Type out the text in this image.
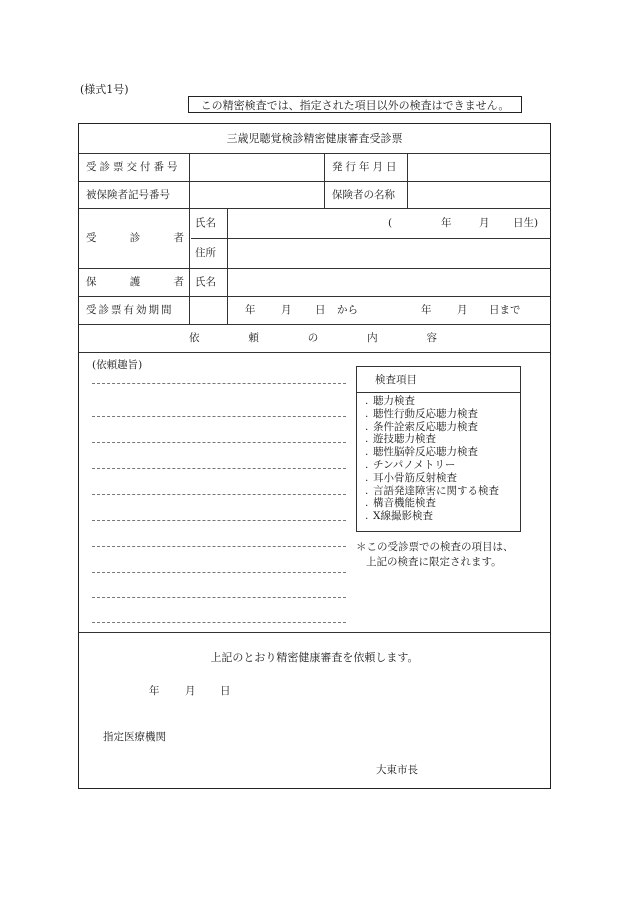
(様式1号)
この精密検査では、指定された項目以外の検査はできません。
三歳児聴覚検診精密健康審査受診票
受診票交付番号	発行年月日
被保険者記号番号	保険者の名称
受	診	者
氏名	(	年	月 日生)
住所
保	護	者 氏名
受診票有効期間	年 月 日 から	年 月 日まで
依	頼	の	内	容
(依頼趣旨)
検査項目
. 聴力検査
. 聴性行動反応聴力検査
. 条件詮索反応聴力検査
. 遊技聴力検査
. 聴性脳幹反応聴力検査
. チンパノメトリー
. 耳小骨筋反射検査
. 言語発達障害に関する検査
. 構音機能検査
. X線撮影検査
＊この受診票での検査の項目は、
上記の検査に限定されます。
上記のとおり精密健康審査を依頼します。
年 月 日
指定医療機関
大東市長
